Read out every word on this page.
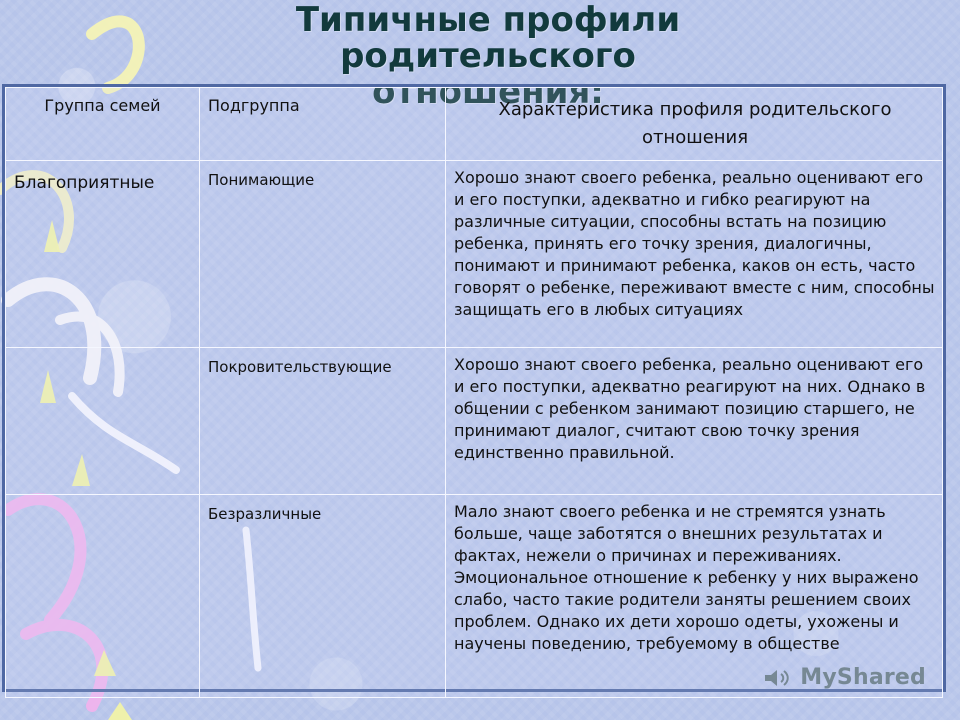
Типичные профили родительского
отношения:
Группа семей	Подгруппа	Характеристика профиля родительского отношения

Благоприятные	Понимающие	Хорошо знают своего ребенка, реально оценивают его и его поступки, адекватно и гибко реагируют на различные ситуации, способны встать на позицию ребенка, принять его точку зрения, диалогичны, понимают и принимают ребенка, каков он есть, часто говорят о ребенке, переживают вместе с ним, способны защищать его в любых ситуациях

	Покровительствующие	Хорошо знают своего ребенка, реально оценивают его и его поступки, адекватно реагируют на них. Однако в общении с ребенком занимают позицию старшего, не принимают диалог, считают свою точку зрения единственно правильной.

	Безразличные	Мало знают своего ребенка и не стремятся узнать больше, чаще заботятся о внешних результатах и фактах, нежели о причинах и переживаниях. Эмоциональное отношение к ребенку у них выражено слабо, часто такие родители заняты решением своих проблем. Однако их дети хорошо одеты, ухожены и научены поведению, требуемому в обществе
MyShared
